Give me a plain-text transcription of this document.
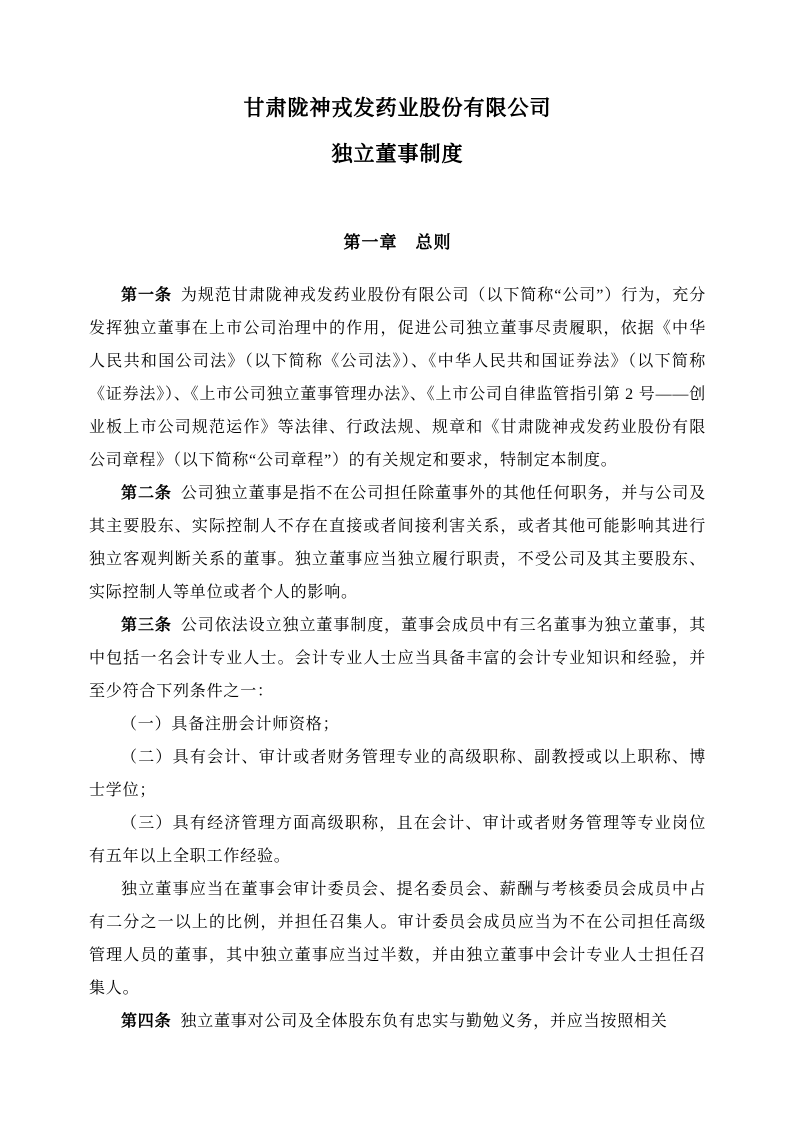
甘肃陇神戎发药业股份有限公司
独立董事制度
第一章　总则

第一条 为规范甘肃陇神戎发药业股份有限公司（以下简称“公司”）行为，充分发挥独立董事在上市公司治理中的作用，促进公司独立董事尽责履职，依据《中华人民共和国公司法》（以下简称《公司法》）、《中华人民共和国证券法》（以下简称《证券法》）、《上市公司独立董事管理办法》、《上市公司自律监管指引第 2 号——创业板上市公司规范运作》等法律、行政法规、规章和《甘肃陇神戎发药业股份有限公司章程》（以下简称“公司章程”）的有关规定和要求，特制定本制度。

第二条 公司独立董事是指不在公司担任除董事外的其他任何职务，并与公司及其主要股东、实际控制人不存在直接或者间接利害关系，或者其他可能影响其进行独立客观判断关系的董事。独立董事应当独立履行职责，不受公司及其主要股东、实际控制人等单位或者个人的影响。

第三条 公司依法设立独立董事制度，董事会成员中有三名董事为独立董事，其中包括一名会计专业人士。会计专业人士应当具备丰富的会计专业知识和经验，并至少符合下列条件之一：

（一）具备注册会计师资格；

（二）具有会计、审计或者财务管理专业的高级职称、副教授或以上职称、博士学位；

（三）具有经济管理方面高级职称，且在会计、审计或者财务管理等专业岗位有五年以上全职工作经验。

独立董事应当在董事会审计委员会、提名委员会、薪酬与考核委员会成员中占有二分之一以上的比例，并担任召集人。审计委员会成员应当为不在公司担任高级管理人员的董事，其中独立董事应当过半数，并由独立董事中会计专业人士担任召集人。

第四条 独立董事对公司及全体股东负有忠实与勤勉义务，并应当按照相关
